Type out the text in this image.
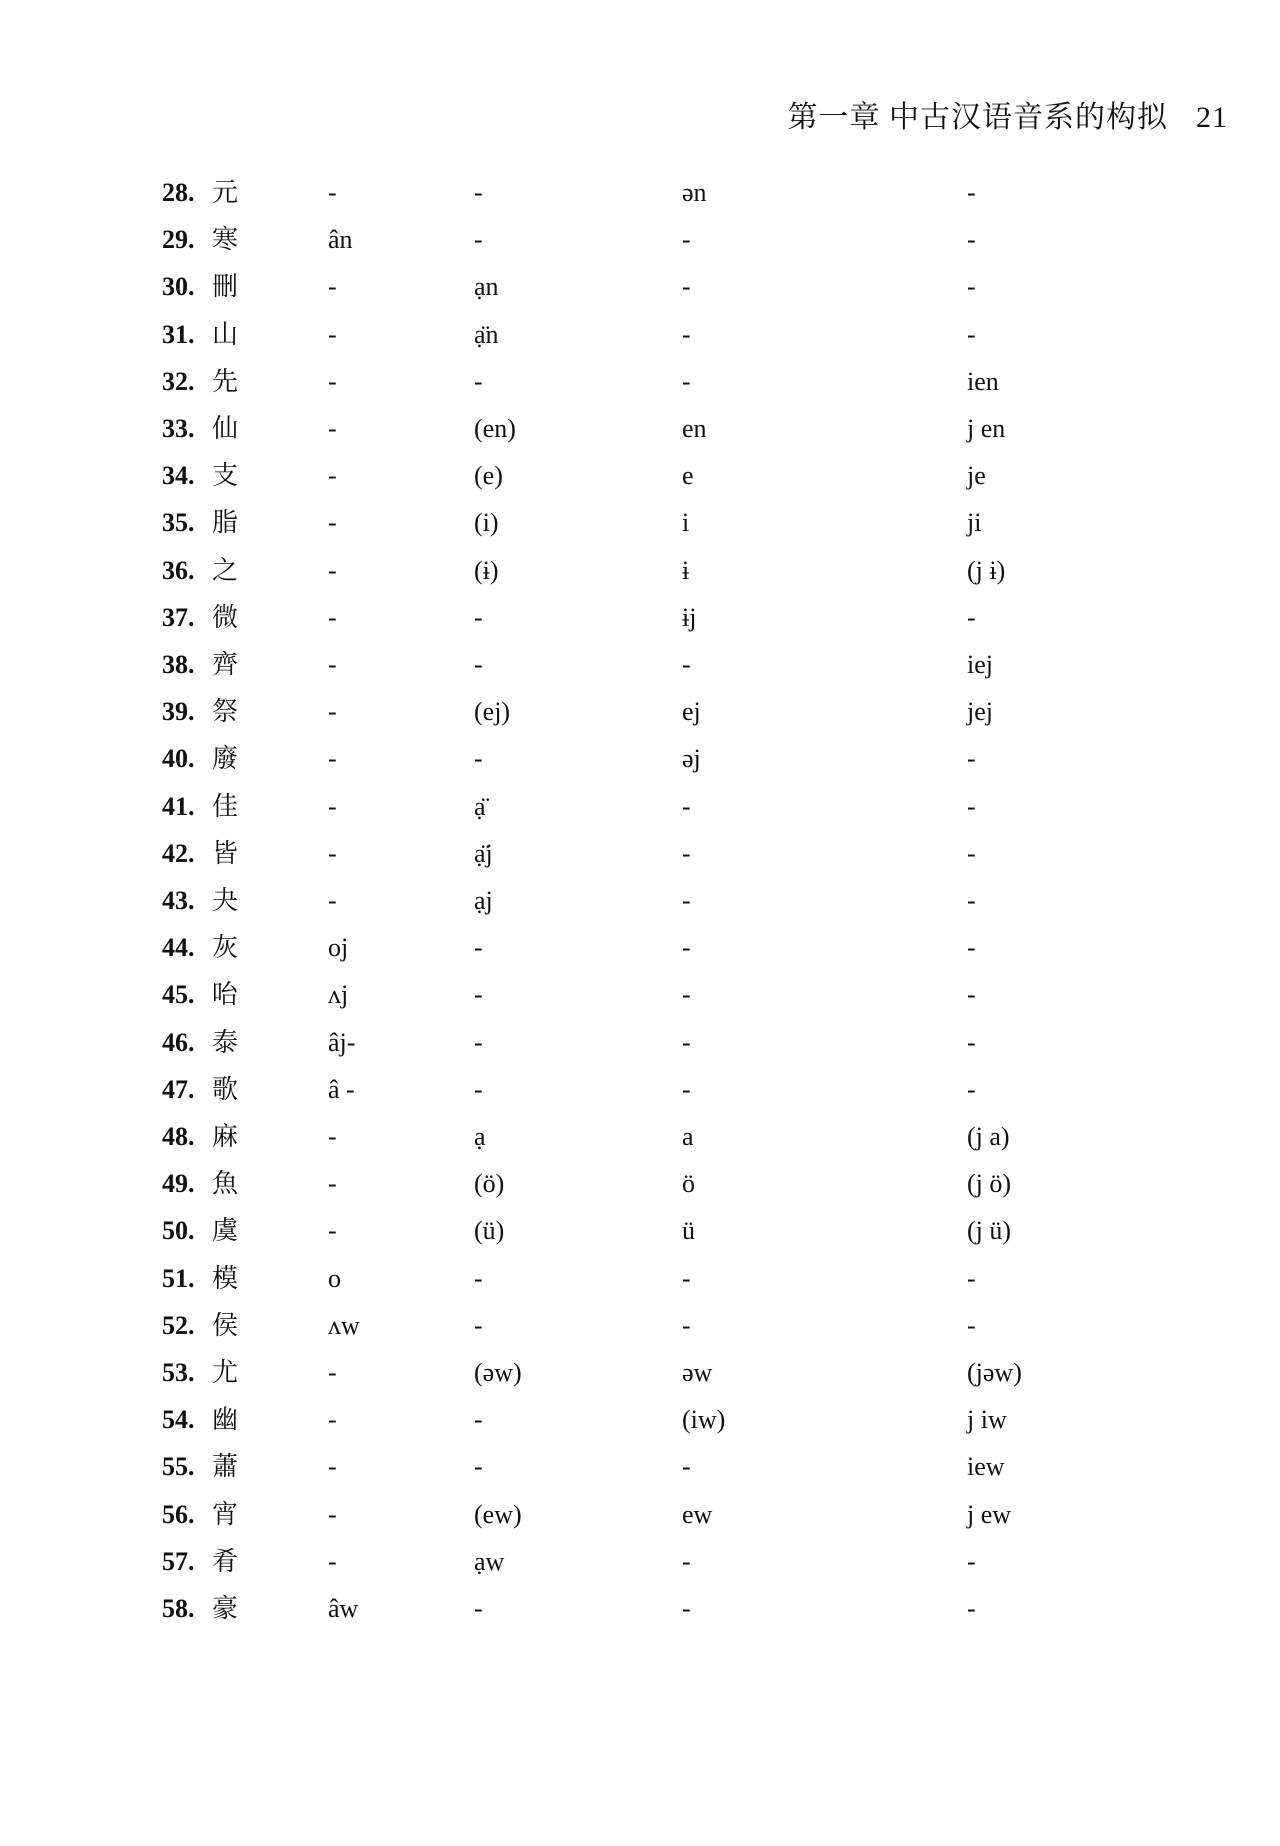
第一章 中古汉语音系的构拟 21
28. 元	-	-	ən	-
29. 寒	ân	-	-	-
30. 刪	-	ạn	-	-
31. 山	-	ạ̈n	-	-
32. 先	-	-	-	ien
33. 仙	-	(en)	en	j en
34. 支	-	(e)	e	je
35. 脂	-	(i)	i	ji
36. 之	-	(ɨ)	ɨ	(j ɨ)
37. 微	-	-	ɨj	-
38. 齊	-	-	-	iej
39. 祭	-	(ej)	ej	jej
40. 廢	-	-	əj	-
41. 佳	-	ạ̈	-	-
42. 皆	-	ạ̈j	-	-
43. 夬	-	ạj	-	-
44. 灰	oj	-	-	-
45. 咍	ʌj	-	-	-
46. 泰	âj-	-	-	-
47. 歌	â -	-	-	-
48. 麻	-	ạ	a	(j a)
49. 魚	-	(ö)	ö	(j ö)
50. 虞	-	(ü)	ü	(j ü)
51. 模	o	-	-	-
52. 侯	ʌw	-	-	-
53. 尤	-	(əw)	əw	(jəw)
54. 幽	-	-	(iw)	j iw
55. 蕭	-	-	-	iew
56. 宵	-	(ew)	ew	j ew
57. 肴	-	ạw	-	-
58. 豪	âw	-	-	-
